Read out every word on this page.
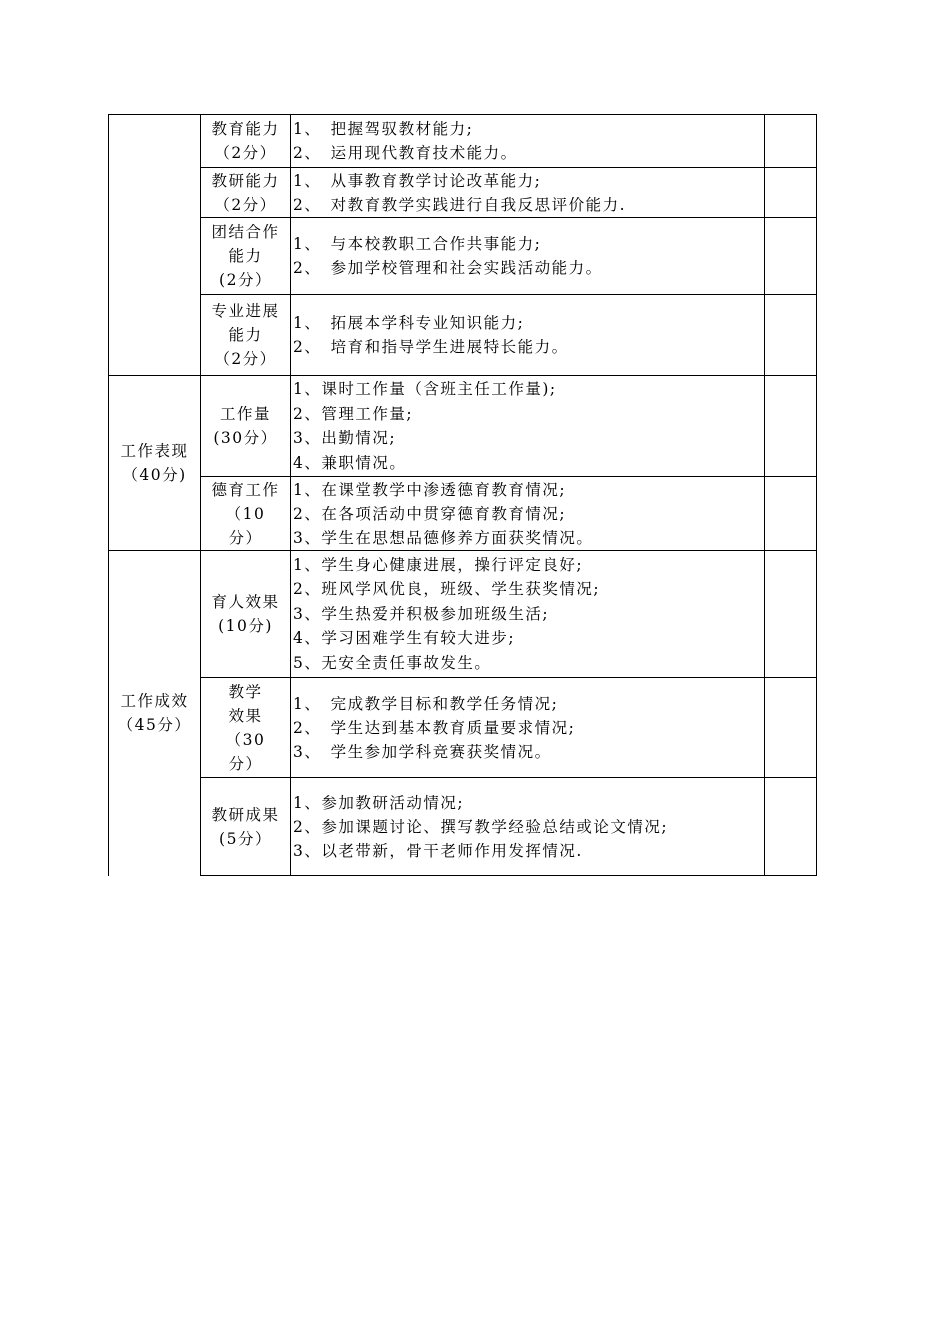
工作表现
（40分)
工作成效
（45分）
教育能力
（2分）
1、　把握驾驭教材能力;
2、　运用现代教育技术能力。
教研能力
（2分）
1、　从事教育教学讨论改革能力;
2、　对教育教学实践进行自我反思评价能力.
团结合作
能力
(2分）
1、　与本校教职工合作共事能力;
2、　参加学校管理和社会实践活动能力。
专业进展
能力
（2分）
1、　拓展本学科专业知识能力;
2、　培育和指导学生进展特长能力。
工作量
(30分）
1、课时工作量（含班主任工作量);
2、管理工作量;
3、出勤情况;
4、兼职情况。
德育工作
（10
分）
1、在课堂教学中渗透德育教育情况;
2、在各项活动中贯穿德育教育情况;
3、学生在思想品德修养方面获奖情况。
育人效果
(10分)
1、学生身心健康进展，操行评定良好;
2、班风学风优良，班级、学生获奖情况;
3、学生热爱并积极参加班级生活;
4、学习困难学生有较大进步;
5、无安全责任事故发生。
教学
效果
（30
分）
1、　完成教学目标和教学任务情况;
2、　学生达到基本教育质量要求情况;
3、　学生参加学科竞赛获奖情况。
教研成果
(5分）
1、参加教研活动情况;
2、参加课题讨论、撰写教学经验总结或论文情况;
3、以老带新，骨干老师作用发挥情况.
